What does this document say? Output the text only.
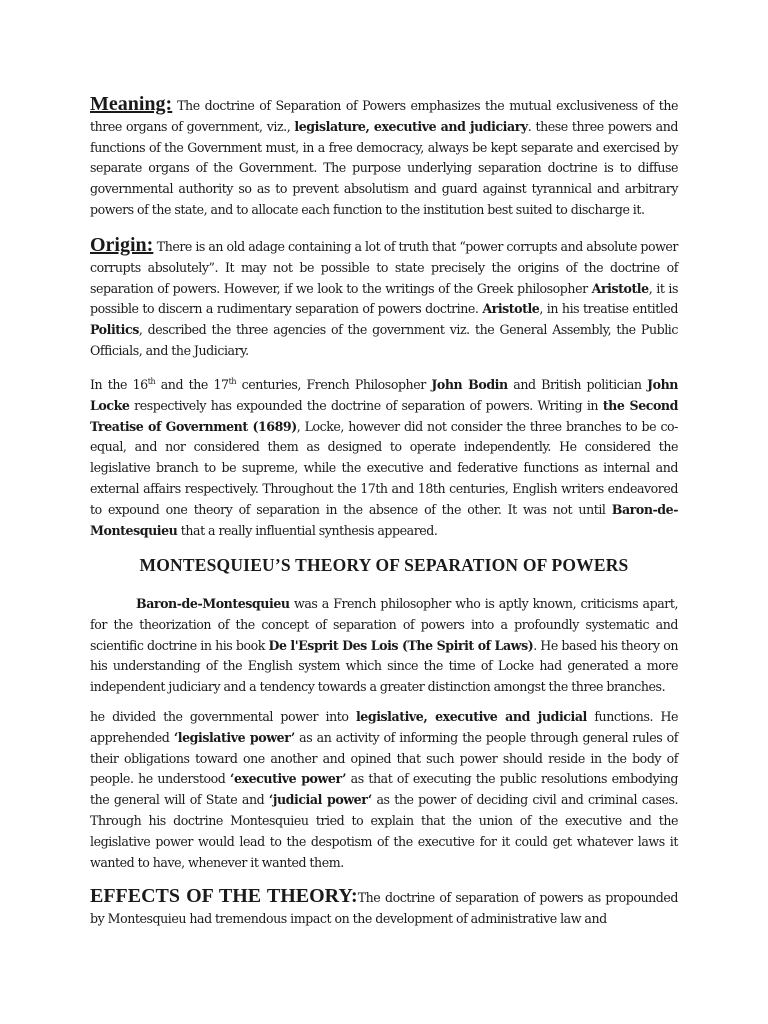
Meaning: The doctrine of Separation of Powers emphasizes the mutual exclusiveness of the three organs of government, viz., legislature, executive and judiciary. these three powers and functions of the Government must, in a free democracy, always be kept separate and exercised by separate organs of the Government. The purpose underlying separation doctrine is to diffuse governmental authority so as to prevent absolutism and guard against tyrannical and arbitrary powers of the state, and to allocate each function to the institution best suited to discharge it.

Origin: There is an old adage containing a lot of truth that “power corrupts and absolute power corrupts absolutely”. It may not be possible to state precisely the origins of the doctrine of separation of powers. However, if we look to the writings of the Greek philosopher Aristotle, it is possible to discern a rudimentary separation of powers doctrine. Aristotle, in his treatise entitled Politics, described the three agencies of the government viz. the General Assembly, the Public Officials, and the Judiciary.

In the 16th and the 17th centuries, French Philosopher John Bodin and British politician John Locke respectively has expounded the doctrine of separation of powers. Writing in the Second Treatise of Government (1689), Locke, however did not consider the three branches to be co-equal, and nor considered them as designed to operate independently. He considered the legislative branch to be supreme, while the executive and federative functions as internal and external affairs respectively. Throughout the 17th and 18th centuries, English writers endeavored to expound one theory of separation in the absence of the other. It was not until Baron-de-Montesquieu that a really influential synthesis appeared.

MONTESQUIEU’S THEORY OF SEPARATION OF POWERS

Baron-de-Montesquieu was a French philosopher who is aptly known, criticisms apart, for the theorization of the concept of separation of powers into a profoundly systematic and scientific doctrine in his book De l'Esprit Des Lois (The Spirit of Laws). He based his theory on his understanding of the English system which since the time of Locke had generated a more independent judiciary and a tendency towards a greater distinction amongst the three branches.

he divided the governmental power into legislative, executive and judicial functions. He apprehended ‘legislative power’ as an activity of informing the people through general rules of their obligations toward one another and opined that such power should reside in the body of people. he understood ‘executive power’ as that of executing the public resolutions embodying the general will of State and ‘judicial power‘ as the power of deciding civil and criminal cases. Through his doctrine Montesquieu tried to explain that the union of the executive and the legislative power would lead to the despotism of the executive for it could get whatever laws it wanted to have, whenever it wanted them.

EFFECTS OF THE THEORY:The doctrine of separation of powers as propounded by Montesquieu had tremendous impact on the development of administrative law and
